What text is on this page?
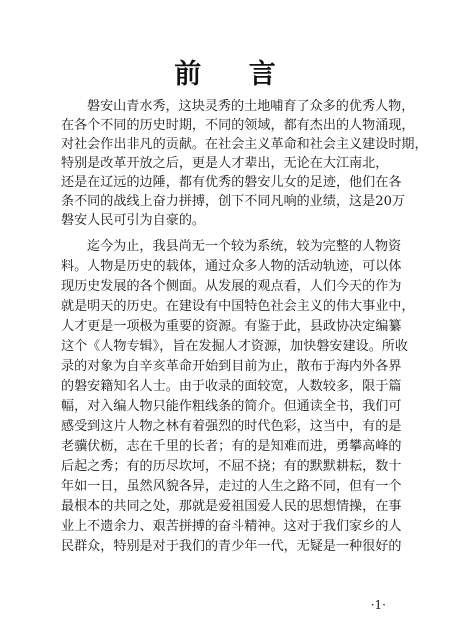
前 言
磐安山青水秀，这块灵秀的土地哺育了众多的优秀人物，
在各个不同的历史时期，不同的领域，都有杰出的人物涌现，
对社会作出非凡的贡献。在社会主义革命和社会主义建设时期，
特别是改革开放之后，更是人才辈出，无论在大江南北，
还是在辽远的边陲，都有优秀的磐安儿女的足迹，他们在各
条不同的战线上奋力拼搏，创下不同凡响的业绩，这是20万
磐安人民可引为自豪的。
迄今为止，我县尚无一个较为系统，较为完整的人物资
料。人物是历史的载体，通过众多人物的活动轨迹，可以体
现历史发展的各个侧面。从发展的观点看，人们今天的作为
就是明天的历史。在建设有中国特色社会主义的伟大事业中，
人才更是一项极为重要的资源。有鉴于此，县政协决定编纂
这个《人物专辑》，旨在发掘人才资源，加快磐安建设。所收
录的对象为自辛亥革命开始到目前为止，散布于海内外各界
的磐安籍知名人士。由于收录的面较宽，人数较多，限于篇
幅，对入编人物只能作粗线条的简介。但通读全书，我们可
感受到这片人物之林有着强烈的时代色彩，这当中，有的是
老骥伏枥，志在千里的长者；有的是知难而进，勇攀高峰的
后起之秀；有的历尽坎坷，不屈不挠；有的默默耕耘，数十
年如一日，虽然风貌各异，走过的人生之路不同，但有一个
最根本的共同之处，那就是爱祖国爱人民的思想情操，在事
业上不遗余力、艰苦拼搏的奋斗精神。这对于我们家乡的人
民群众，特别是对于我们的青少年一代，无疑是一种很好的
·1·
